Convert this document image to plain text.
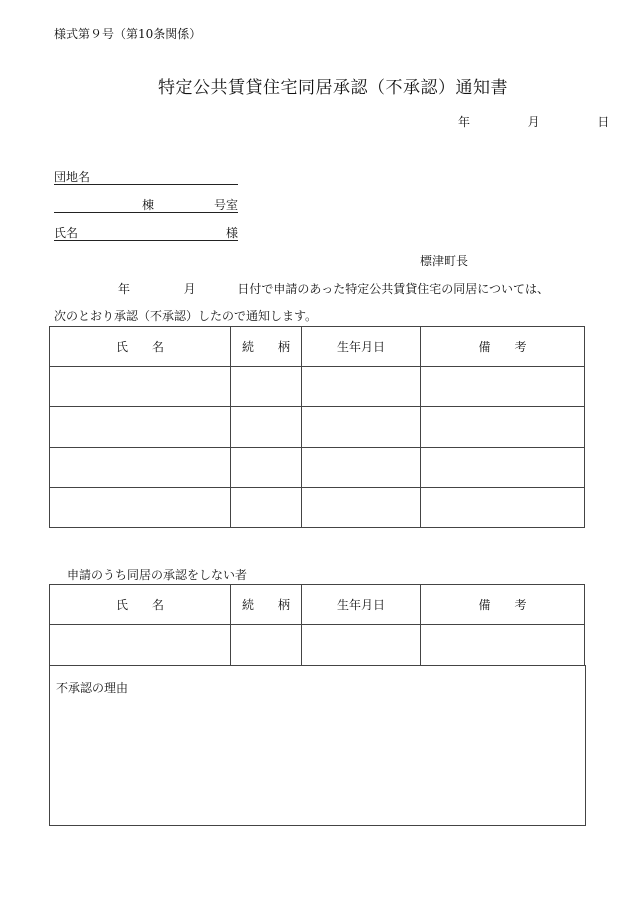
様式第９号（第10条関係）
特定公共賃貸住宅同居承認（不承認）通知書
年	月	日
団地名
棟	号室
氏名	様
標津町長
年	月	日付で申請のあった特定公共賃貸住宅の同居については、
次のとおり承認（不承認）したので通知します。
氏　　名	続　　柄	生年月日	備　　考

申請のうち同居の承認をしない者
氏　　名	続　　柄	生年月日	備　　考

不承認の理由
